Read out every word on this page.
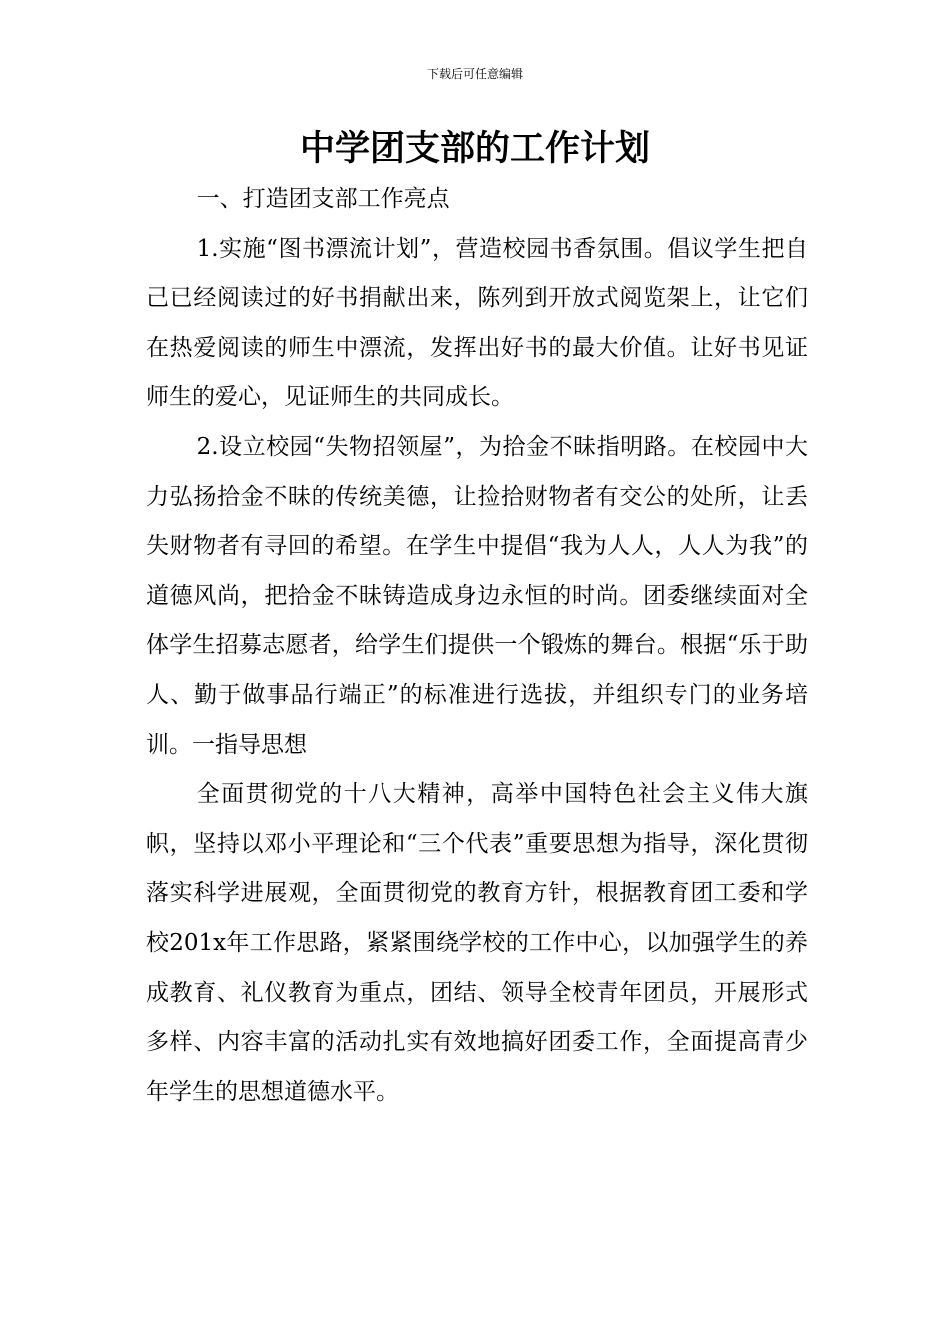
下载后可任意编辑
中学团支部的工作计划

一、打造团支部工作亮点

1.实施“图书漂流计划”，营造校园书香氛围。倡议学生把自己已经阅读过的好书捐献出来，陈列到开放式阅览架上，让它们在热爱阅读的师生中漂流，发挥出好书的最大价值。让好书见证师生的爱心，见证师生的共同成长。

2.设立校园“失物招领屋”，为拾金不昧指明路。在校园中大力弘扬拾金不昧的传统美德，让捡拾财物者有交公的处所，让丢失财物者有寻回的希望。在学生中提倡“我为人人，人人为我”的道德风尚，把拾金不昧铸造成身边永恒的时尚。团委继续面对全体学生招募志愿者，给学生们提供一个锻炼的舞台。根据“乐于助人、勤于做事品行端正”的标准进行选拔，并组织专门的业务培训。一指导思想

全面贯彻党的十八大精神，高举中国特色社会主义伟大旗帜，坚持以邓小平理论和“三个代表”重要思想为指导，深化贯彻落实科学进展观，全面贯彻党的教育方针，根据教育团工委和学校201x年工作思路，紧紧围绕学校的工作中心，以加强学生的养成教育、礼仪教育为重点，团结、领导全校青年团员，开展形式多样、内容丰富的活动扎实有效地搞好团委工作，全面提高青少年学生的思想道德水平。
